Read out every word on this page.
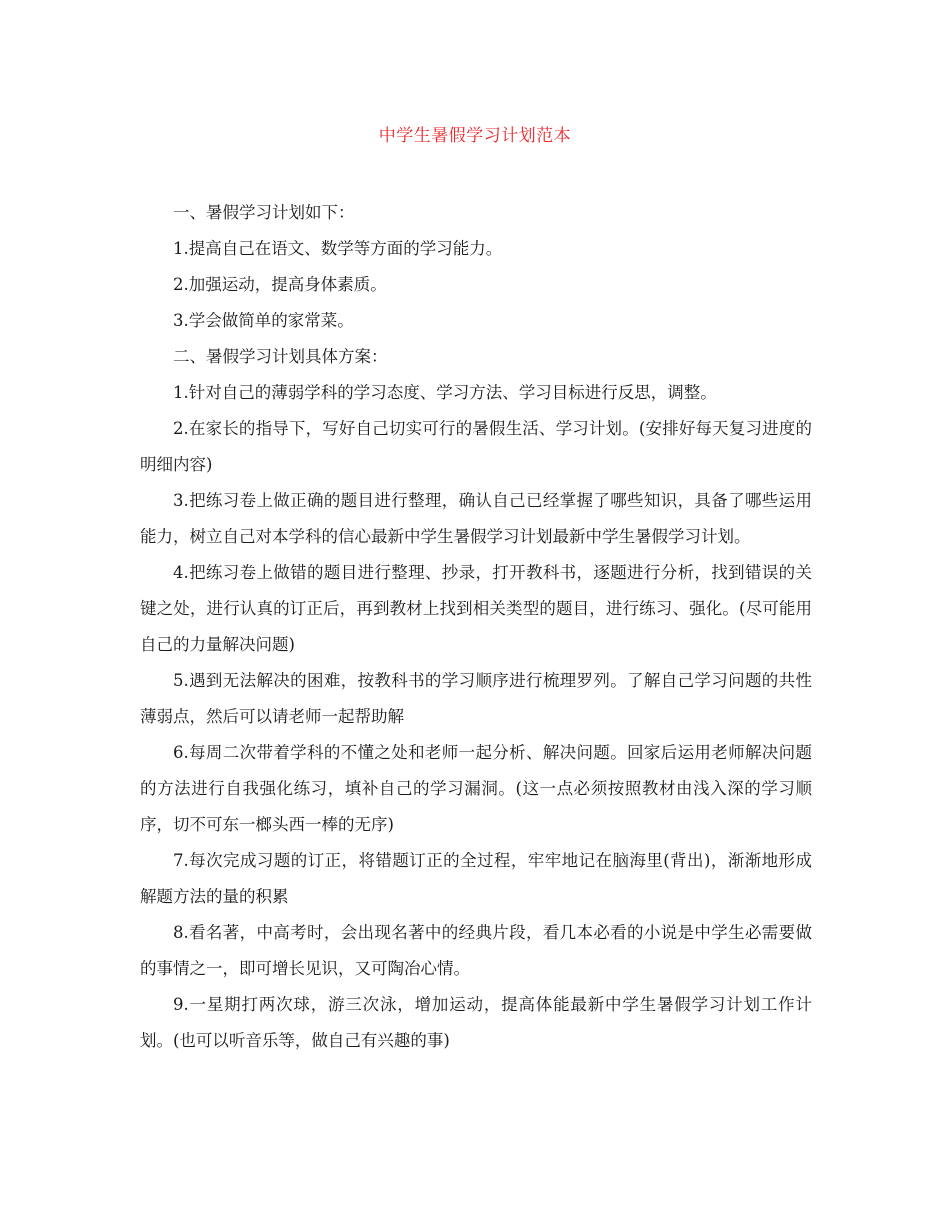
中学生暑假学习计划范本

一、暑假学习计划如下：

1.提高自己在语文、数学等方面的学习能力。

2.加强运动，提高身体素质。

3.学会做简单的家常菜。

二、暑假学习计划具体方案：

1.针对自己的薄弱学科的学习态度、学习方法、学习目标进行反思，调整。

2.在家长的指导下，写好自己切实可行的暑假生活、学习计划。(安排好每天复习进度的明细内容)

3.把练习卷上做正确的题目进行整理，确认自己已经掌握了哪些知识，具备了哪些运用能力，树立自己对本学科的信心最新中学生暑假学习计划最新中学生暑假学习计划。

4.把练习卷上做错的题目进行整理、抄录，打开教科书，逐题进行分析，找到错误的关键之处，进行认真的订正后，再到教材上找到相关类型的题目，进行练习、强化。(尽可能用自己的力量解决问题)

5.遇到无法解决的困难，按教科书的学习顺序进行梳理罗列。了解自己学习问题的共性薄弱点，然后可以请老师一起帮助解

6.每周二次带着学科的不懂之处和老师一起分析、解决问题。回家后运用老师解决问题的方法进行自我强化练习，填补自己的学习漏洞。(这一点必须按照教材由浅入深的学习顺序，切不可东一榔头西一棒的无序)

7.每次完成习题的订正，将错题订正的全过程，牢牢地记在脑海里(背出)，渐渐地形成解题方法的量的积累

8.看名著，中高考时，会出现名著中的经典片段，看几本必看的小说是中学生必需要做的事情之一，即可增长见识，又可陶冶心情。

9.一星期打两次球，游三次泳，增加运动，提高体能最新中学生暑假学习计划工作计划。(也可以听音乐等，做自己有兴趣的事)
